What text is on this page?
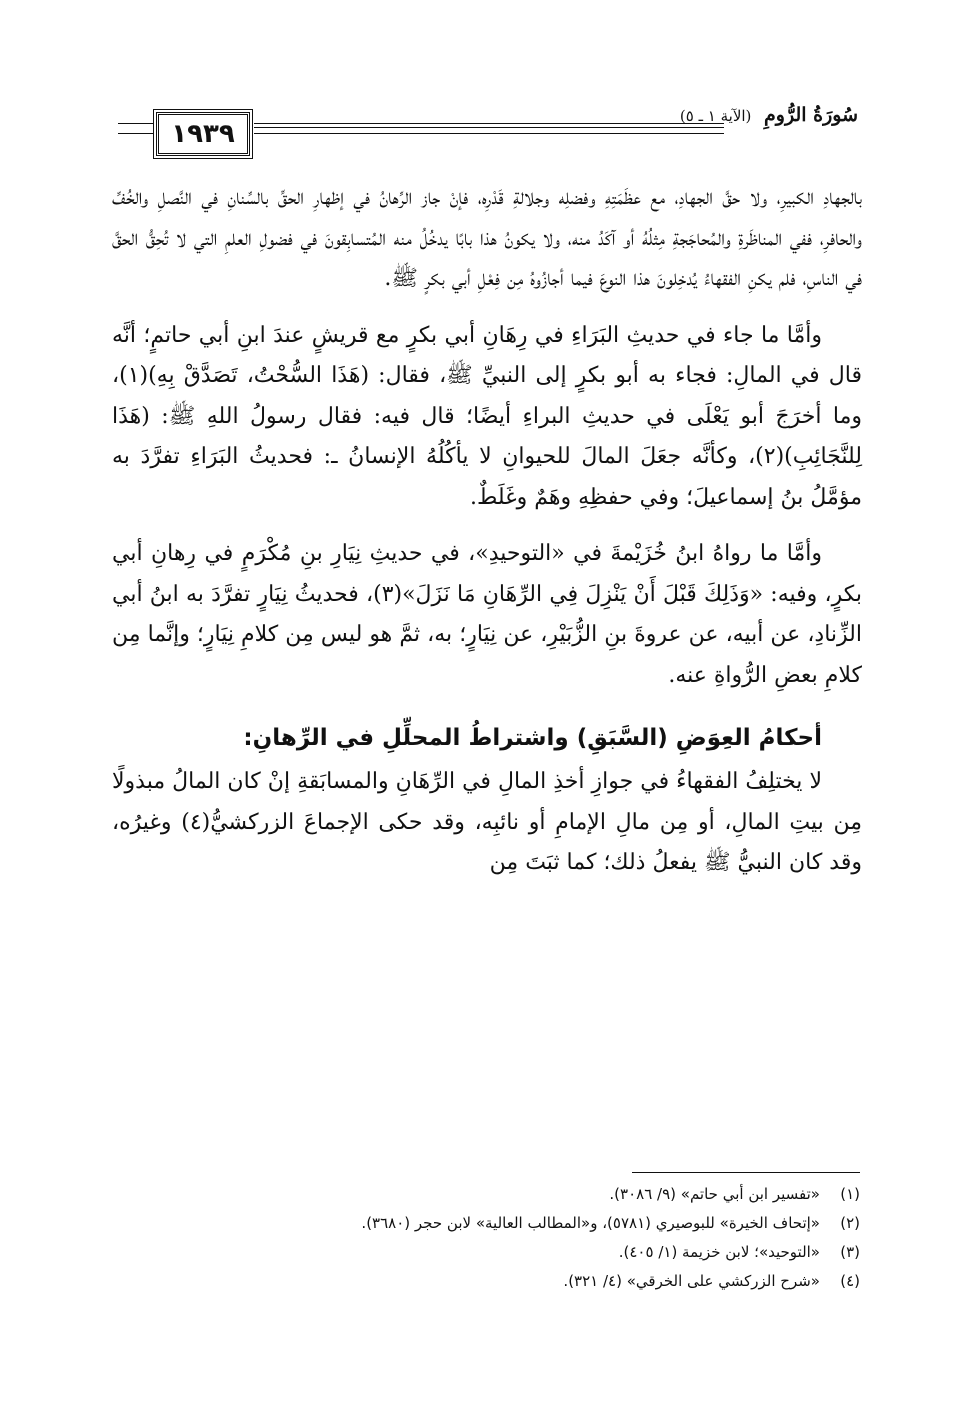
١٩٣٩
سُورَةُ الرُّومِ (الآية ١ ـ ٥)

بالجهادِ الكبيرِ، ولا حقَّ الجهادِ، مع عظَمَتِهِ وفضلِه وجلالةِ قَدْرِه، فإنْ جاز الرِّهانُ في إظهارِ الحقِّ بالسِّنانِ في النَّصلِ والخُفِّ والحافرِ، ففي المناظَرةِ والمُحاجَجةِ مِثلُهُ أو آكَدُ منه، ولا يكونُ هذا بابًا يدخُلُ منه المُتسابِقونَ في فضولِ العلمِ التي لا تُحِقُّ الحقَّ في الناسِ، فلم يكنِ الفقهاءُ يُدخِلونَ هذا النوعَ فيما أجازُوهُ مِن فِعْلِ أبي بكرٍ ﷺ.

وأمَّا ما جاء في حديثِ البَرَاءِ في رِهَانِ أبي بكرٍ مع قريشٍ عندَ ابنِ أبي حاتمٍ؛ أنَّه قال في المالِ: فجاء به أبو بكرٍ إلى النبيِّ ﷺ، فقال: (هَذَا السُّحْتُ، تَصَدَّقْ بِهِ)(١)، وما أخرَجَ أبو يَعْلَى في حديثِ البراءِ أيضًا؛ قال فيه: فقال رسولُ اللهِ ﷺ: (هَذَا لِلنَّجَائِبِ)(٢)، وكأنَّه جعَلَ المالَ للحيوانِ لا يأكُلُهُ الإنسانُ ـ: فحديثُ البَرَاءِ تفرَّدَ به مؤمَّلُ بنُ إسماعيلَ؛ وفي حفظِهِ وهَمٌ وغَلَطٌ.

وأمَّا ما رواهُ ابنُ خُزَيْمةَ في «التوحيدِ»، في حديثِ نِيَارِ بنِ مُكْرَمٍ في رِهانِ أبي بكرٍ، وفيه: «وَذَلِكَ قَبْلَ أَنْ يَنْزِلَ فِي الرِّهَانِ مَا نَزَلَ»(٣)، فحديثُ نِيَارٍ تفرَّدَ به ابنُ أبي الزِّنادِ، عن أبيه، عن عروةَ بنِ الزُّبَيْرِ، عن نِيَارٍ؛ به، ثمَّ هو ليس مِن كلامِ نِيَارٍ؛ وإنَّما مِن كلامِ بعضِ الرُّواةِ عنه.

أحكامُ العِوَضِ (السَّبَقِ) واشتراطُ المحلِّلِ في الرِّهانِ:

لا يختلِفُ الفقهاءُ في جوازِ أخذِ المالِ في الرِّهَانِ والمسابَقةِ إنْ كان المالُ مبذولًا مِن بيتِ المالِ، أو مِن مالِ الإمامِ أو نائبِه، وقد حكى الإجماعَ الزركشيُّ(٤) وغيرُه، وقد كان النبيُّ ﷺ يفعلُ ذلك؛ كما ثبَتَ مِن

(١)«تفسير ابن أبي حاتم» (٩/ ٣٠٨٦).
(٢)«إتحاف الخيرة» للبوصيري (٥٧٨١)، و«المطالب العالية» لابن حجر (٣٦٨٠).
(٣)«التوحيد»؛ لابن خزيمة (١/ ٤٠٥).
(٤)«شرح الزركشي على الخرقي» (٤/ ٣٢١).
